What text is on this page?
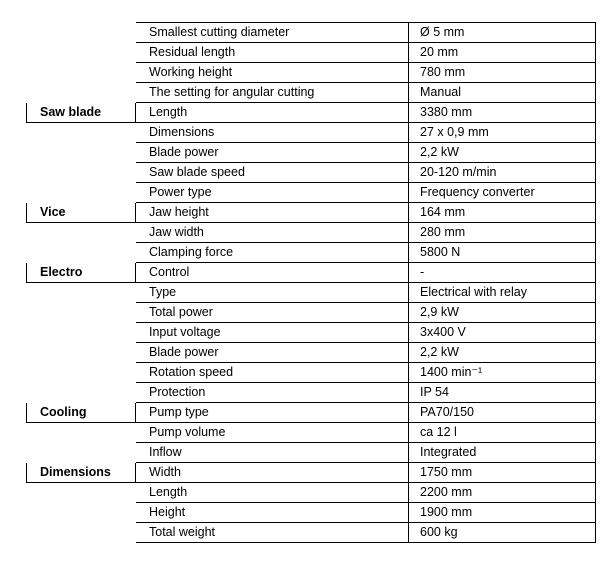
	Smallest cutting diameter	Ø 5 mm
	Residual length	20 mm
	Working height	780 mm
	The setting for angular cutting	Manual
Saw blade	Length	3380 mm
	Dimensions	27 x 0,9 mm
	Blade power	2,2 kW
	Saw blade speed	20-120 m/min
	Power type	Frequency converter
Vice	Jaw height	164 mm
	Jaw width	280 mm
	Clamping force	5800 N
Electro	Control	-
	Type	Electrical with relay
	Total power	2,9 kW
	Input voltage	3x400 V
	Blade power	2,2 kW
	Rotation speed	1400 min⁻¹
	Protection	IP 54
Cooling	Pump type	PA70/150
	Pump volume	ca 12 l
	Inflow	Integrated
Dimensions	Width	1750 mm
	Length	2200 mm
	Height	1900 mm
	Total weight	600 kg
